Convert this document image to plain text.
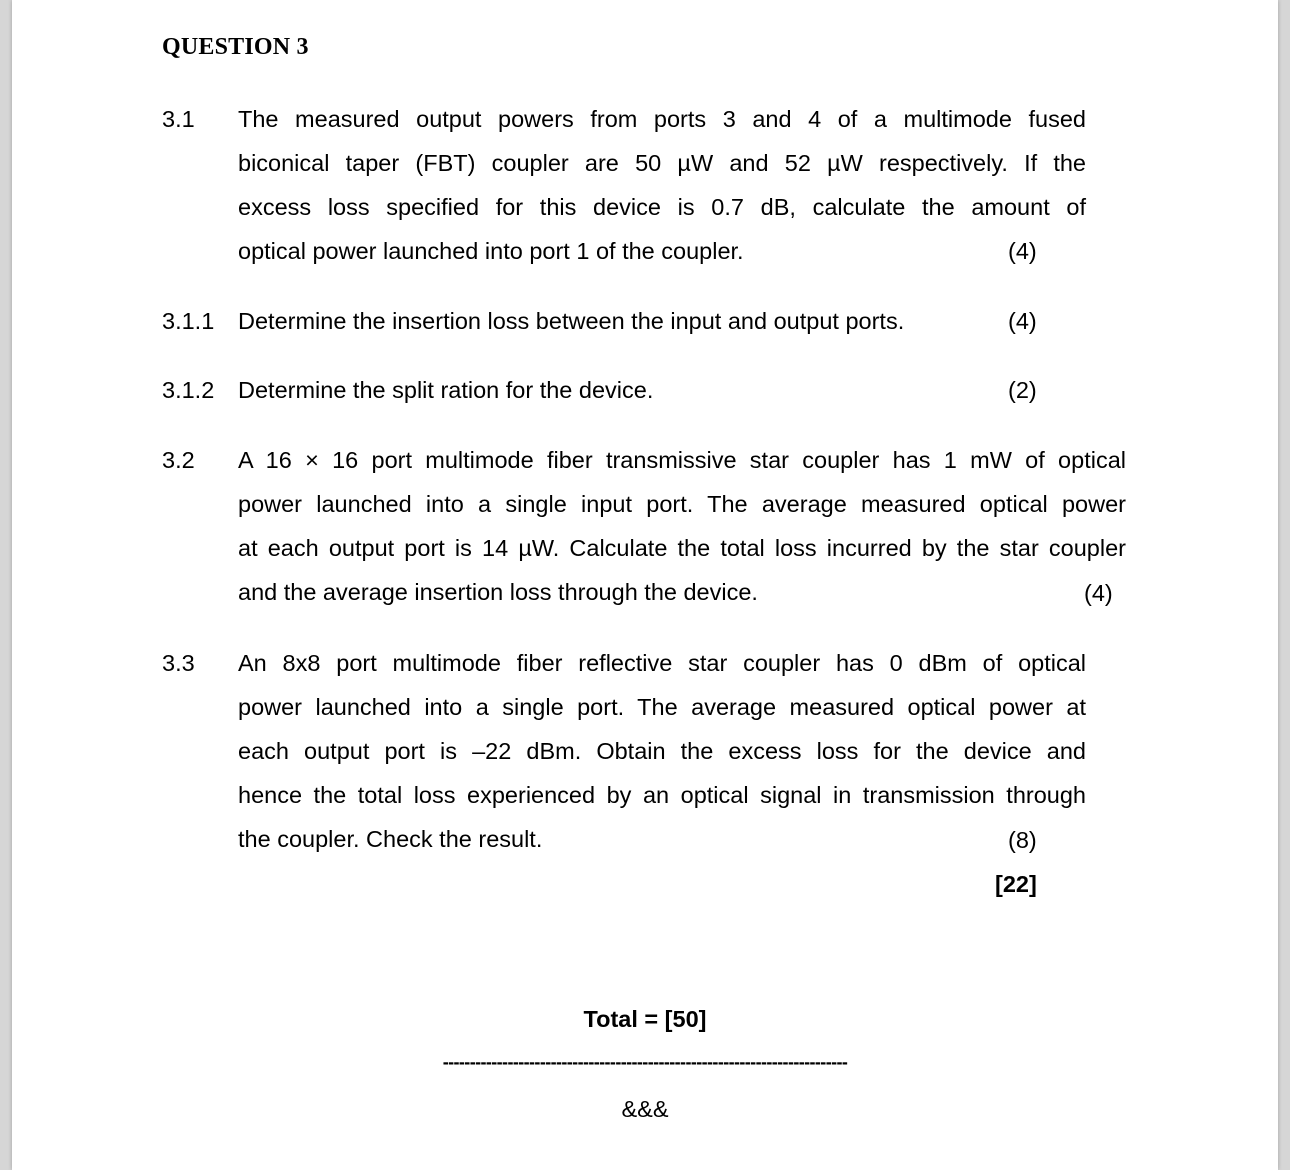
QUESTION 3
3.1 The measured output powers from ports 3 and 4 of a multimode fused
biconical taper (FBT) coupler are 50 µW and 52 µW respectively. If the
excess loss specified for this device is 0.7 dB, calculate the amount of
optical power launched into port 1 of the coupler.	(4)
3.1.1 Determine the insertion loss between the input and output ports.	(4)
3.1.2 Determine the split ration for the device.	(2)
3.2 A 16 × 16 port multimode fiber transmissive star coupler has 1 mW of optical
power launched into a single input port. The average measured optical power
at each output port is 14 µW. Calculate the total loss incurred by the star coupler
and the average insertion loss through the device.	(4)
3.3 An 8x8 port multimode fiber reflective star coupler has 0 dBm of optical
power launched into a single port. The average measured optical power at
each output port is –22 dBm. Obtain the excess loss for the device and
hence the total loss experienced by an optical signal in transmission through
the coupler. Check the result.	(8)
[22]
Total = [50]
---------------------------------------------------------------------------
&&&
